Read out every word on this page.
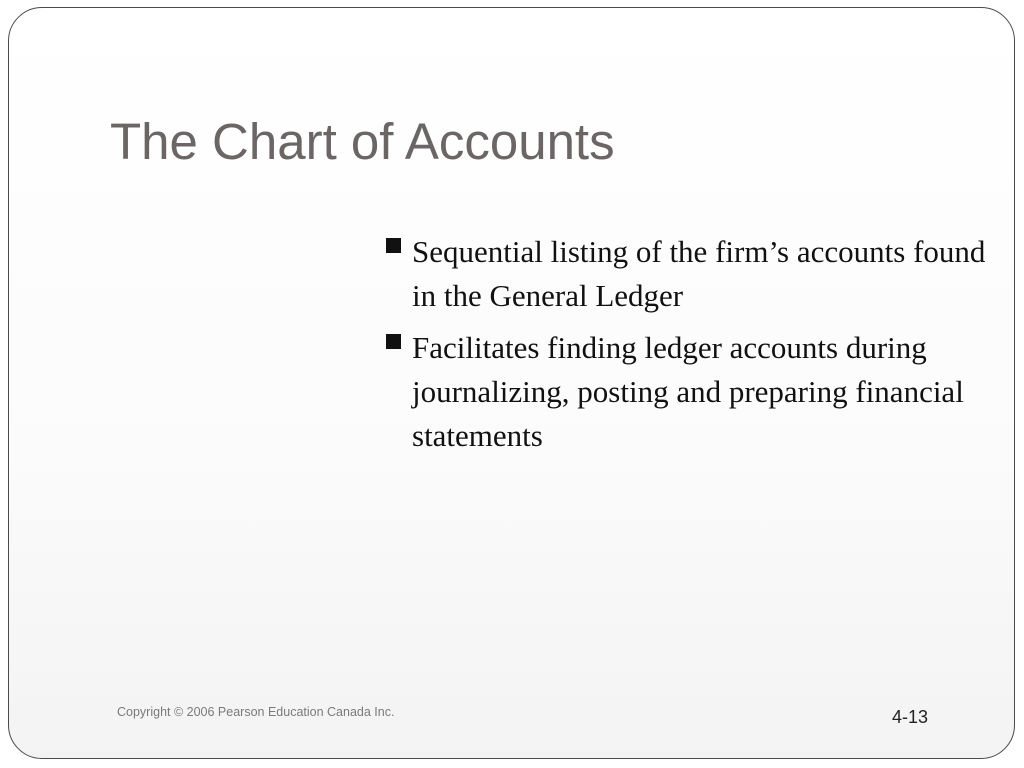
The Chart of Accounts
Sequential listing of the firm’s accounts found in the General Ledger
Facilitates finding ledger accounts during journalizing, posting and preparing financial statements
Copyright © 2006 Pearson Education Canada Inc.	4-13
